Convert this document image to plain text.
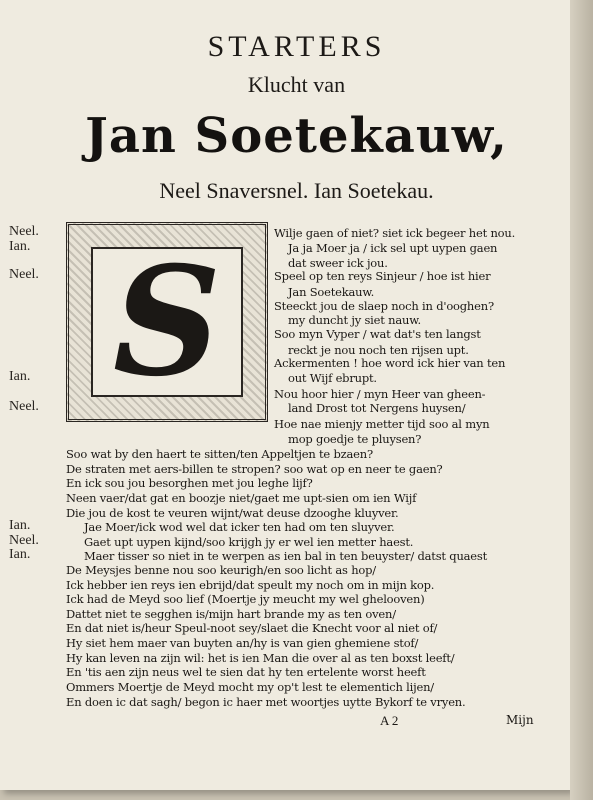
STARTERS
Klucht van
Jan Soetekauw,
Neel Snaversnel. Ian Soetekau.
S
Neel.
Ian.
Neel.
Ian.
Neel.
Ian.
Neel.
Ian.
Wilje gaen of niet? siet ick begeer het nou.
Ja ja Moer ja / ick sel upt uypen gaen
dat sweer ick jou.
Speel op ten reys Sinjeur / hoe ist hier
Jan Soetekauw.
Steeckt jou de slaep noch in d'ooghen?
my duncht jy siet nauw.
Soo myn Vyper / wat dat's ten langst
reckt je nou noch ten rijsen upt.
Ackermenten ! hoe word ick hier van ten
out Wijf ebrupt.
Nou hoor hier / myn Heer van gheen-
land Drost tot Nergens huysen/
Hoe nae mienjy metter tijd soo al myn
mop goedje te pluysen?
Soo wat by den haert te sitten/ten Appeltjen te bzaen?
De straten met aers-billen te stropen? soo wat op en neer te gaen?
En ick sou jou besorghen met jou leghe lijf?
Neen vaer/dat gat en boozje niet/gaet me upt-sien om ien Wijf
Die jou de kost te veuren wijnt/wat deuse dzooghe kluyver.
Jae Moer/ick wod wel dat icker ten had om ten sluyver.
Gaet upt uypen kijnd/soo krijgh jy er wel ien metter haest.
Maer tisser so niet in te werpen as ien bal in ten beuyster/ datst quaest
De Meysjes benne nou soo keurigh/en soo licht as hop/
Ick hebber ien reys ien ebrijd/dat speult my noch om in mijn kop.
Ick had de Meyd soo lief (Moertje jy meucht my wel ghelooven)
Dattet niet te segghen is/mijn hart brande my as ten oven/
En dat niet is/heur Speul-noot sey/slaet die Knecht voor al niet of/
Hy siet hem maer van buyten an/hy is van gien ghemiene stof/
Hy kan leven na zijn wil: het is ien Man die over al as ten boxst leeft/
En 'tis aen zijn neus wel te sien dat hy ten ertelente worst heeft
Ommers Moertje de Meyd mocht my op't lest te elementich lijen/
En doen ic dat sagh/ begon ic haer met woortjes uytte Bykorf te vryen.
A 2	Mijn
